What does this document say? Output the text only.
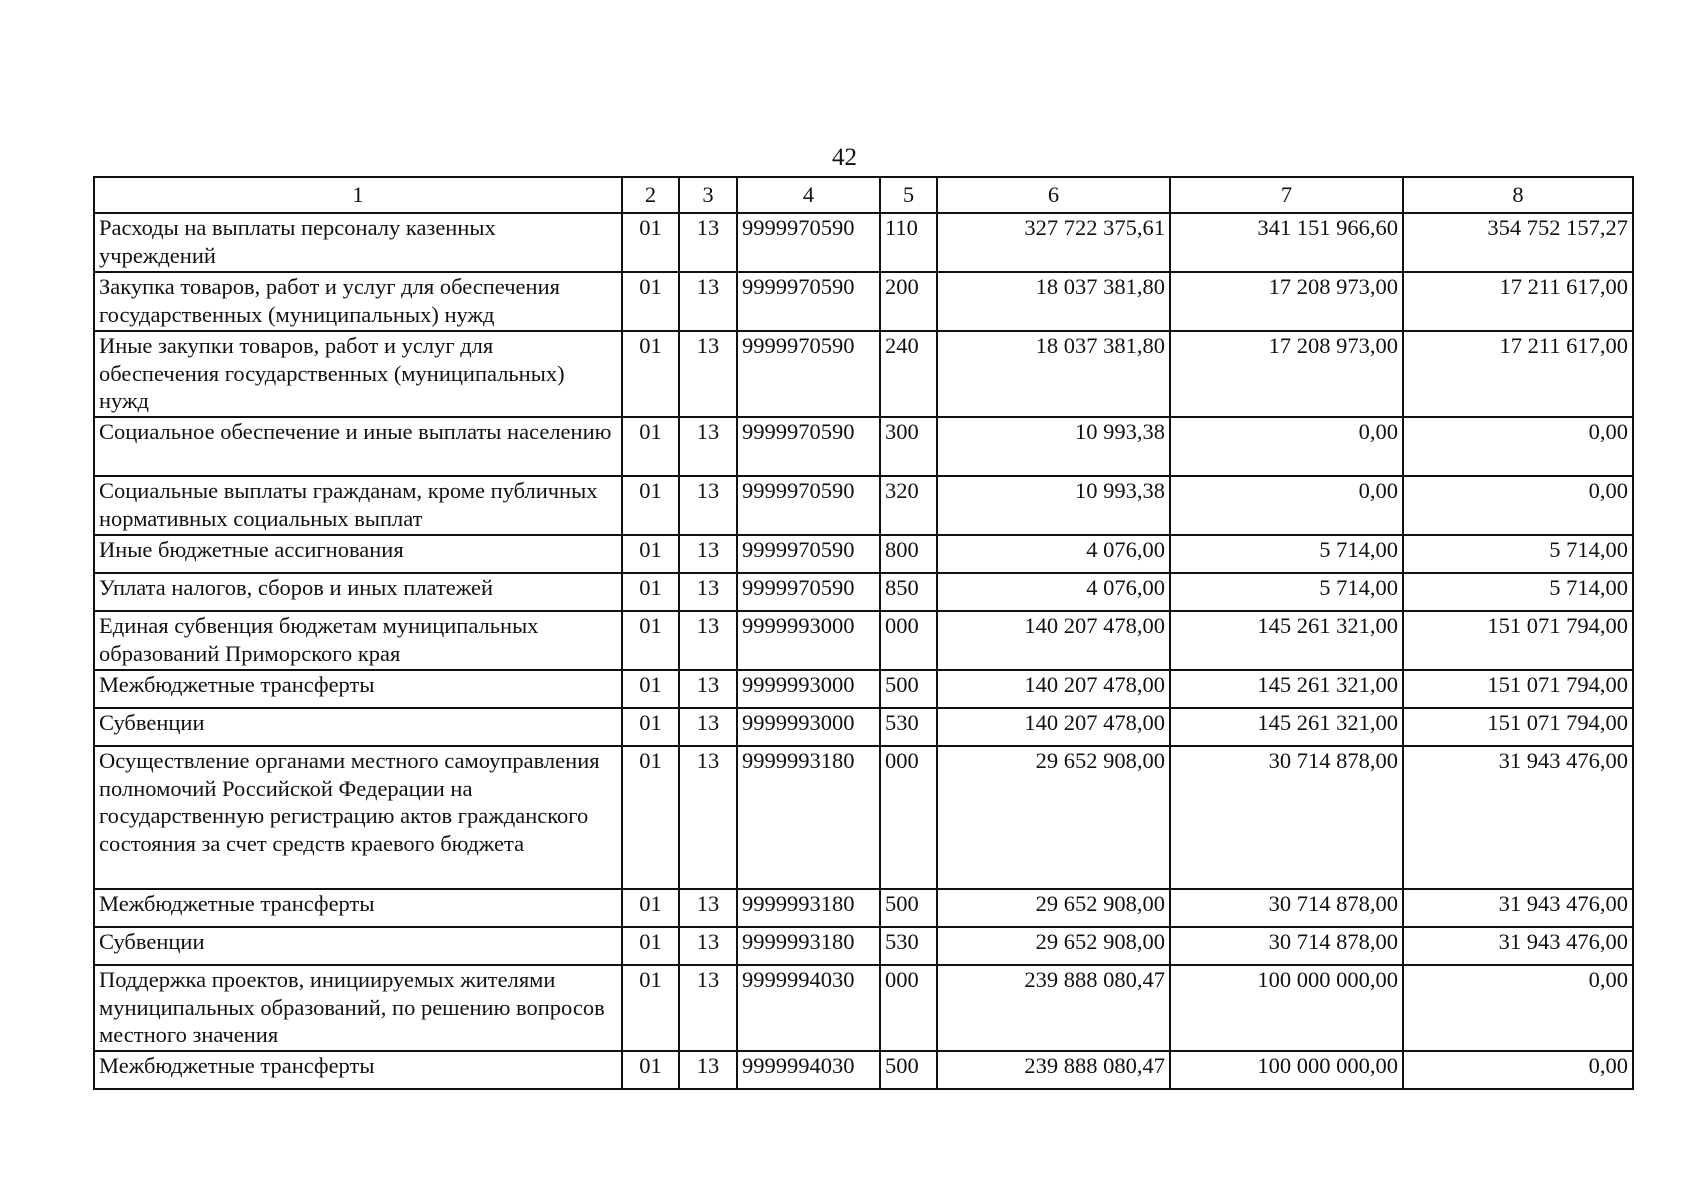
42
1	2	3	4	5	6	7	8
Расходы на выплаты персоналу казенных учреждений	01	13	9999970590	110	327 722 375,61	341 151 966,60	354 752 157,27
Закупка товаров, работ и услуг для обеспечения государственных (муниципальных) нужд	01	13	9999970590	200	18 037 381,80	17 208 973,00	17 211 617,00
Иные закупки товаров, работ и услуг для обеспечения государственных (муниципальных) нужд	01	13	9999970590	240	18 037 381,80	17 208 973,00	17 211 617,00
Социальное обеспечение и иные выплаты населению	01	13	9999970590	300	10 993,38	0,00	0,00
Социальные выплаты гражданам, кроме публичных нормативных социальных выплат	01	13	9999970590	320	10 993,38	0,00	0,00
Иные бюджетные ассигнования	01	13	9999970590	800	4 076,00	5 714,00	5 714,00
Уплата налогов, сборов и иных платежей	01	13	9999970590	850	4 076,00	5 714,00	5 714,00
Единая субвенция бюджетам муниципальных образований Приморского края	01	13	9999993000	000	140 207 478,00	145 261 321,00	151 071 794,00
Межбюджетные трансферты	01	13	9999993000	500	140 207 478,00	145 261 321,00	151 071 794,00
Субвенции	01	13	9999993000	530	140 207 478,00	145 261 321,00	151 071 794,00
Осуществление органами местного самоуправления полномочий Российской Федерации на государственную регистрацию актов гражданского состояния за счет средств краевого бюджета	01	13	9999993180	000	29 652 908,00	30 714 878,00	31 943 476,00
Межбюджетные трансферты	01	13	9999993180	500	29 652 908,00	30 714 878,00	31 943 476,00
Субвенции	01	13	9999993180	530	29 652 908,00	30 714 878,00	31 943 476,00
Поддержка проектов, инициируемых жителями муниципальных образований, по решению вопросов местного значения	01	13	9999994030	000	239 888 080,47	100 000 000,00	0,00
Межбюджетные трансферты	01	13	9999994030	500	239 888 080,47	100 000 000,00	0,00
